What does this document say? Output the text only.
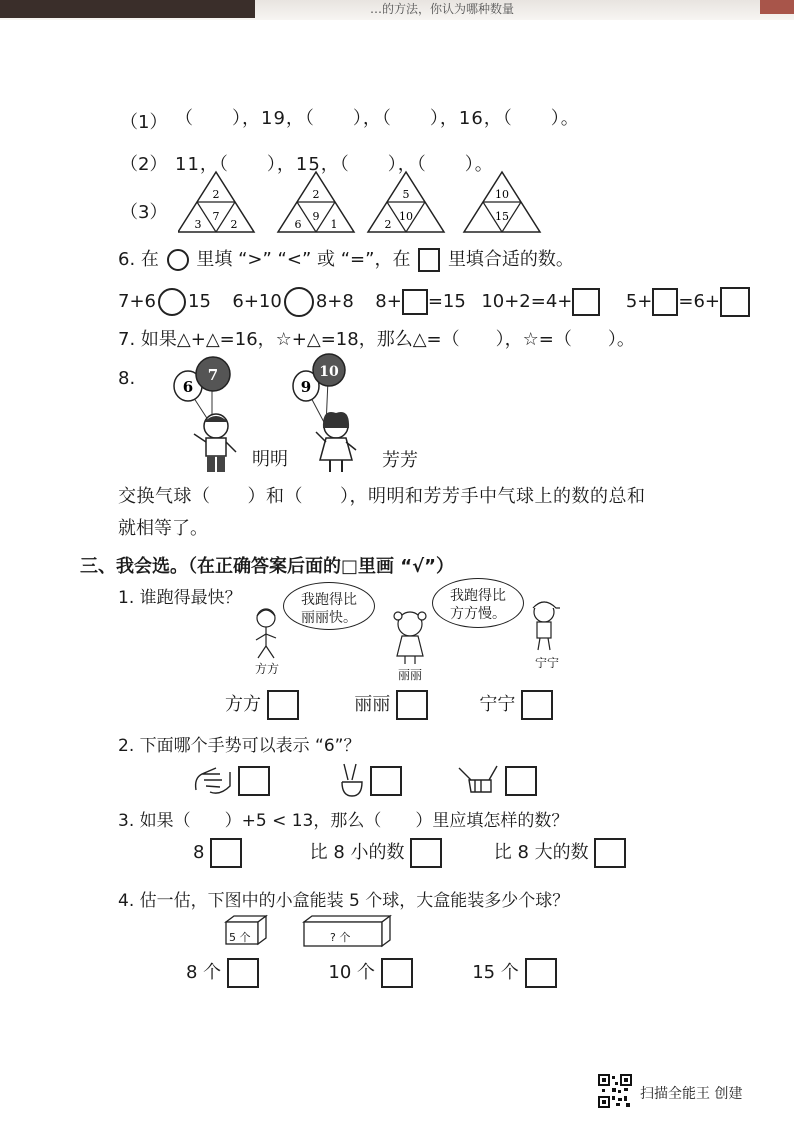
…的方法，你认为哪种数量
（1） （　　），19，（　　），（　　），16，（　　）。
（2） 11，（　　），15，（　　），（　　）。
（3）
2
7
3	2
2
9
6	1
5
10
2
10
15
6. 在 里填 “>” “<” 或 “=”，在 里填合适的数。
7+6 15 6+10 8+8 8+ =15 10+2=4+	5+ =6+
7. 如果△+△=16，☆+△=18，那么△=（　　），☆=（　　）。
8.	6
7
9
10
明明	芳芳
交换气球（　　）和（　　），明明和芳芳手中气球上的数的总和
就相等了。
三、我会选。（在正确答案后面的□里画 “√”）
1. 谁跑得最快？	我跑得比
丽丽快。
我跑得比
方方慢。
方方	丽丽
宁宁
方方	丽丽	宁宁
2. 下面哪个手势可以表示 “6”？
3. 如果（　　）+5 < 13，那么（　　）里应填怎样的数？
8	比 8 小的数	比 8 大的数
4. 估一估，下图中的小盒能装 5 个球，大盒能装多少个球？
5 个	? 个
8 个	10 个	15 个
扫描全能王 创建
